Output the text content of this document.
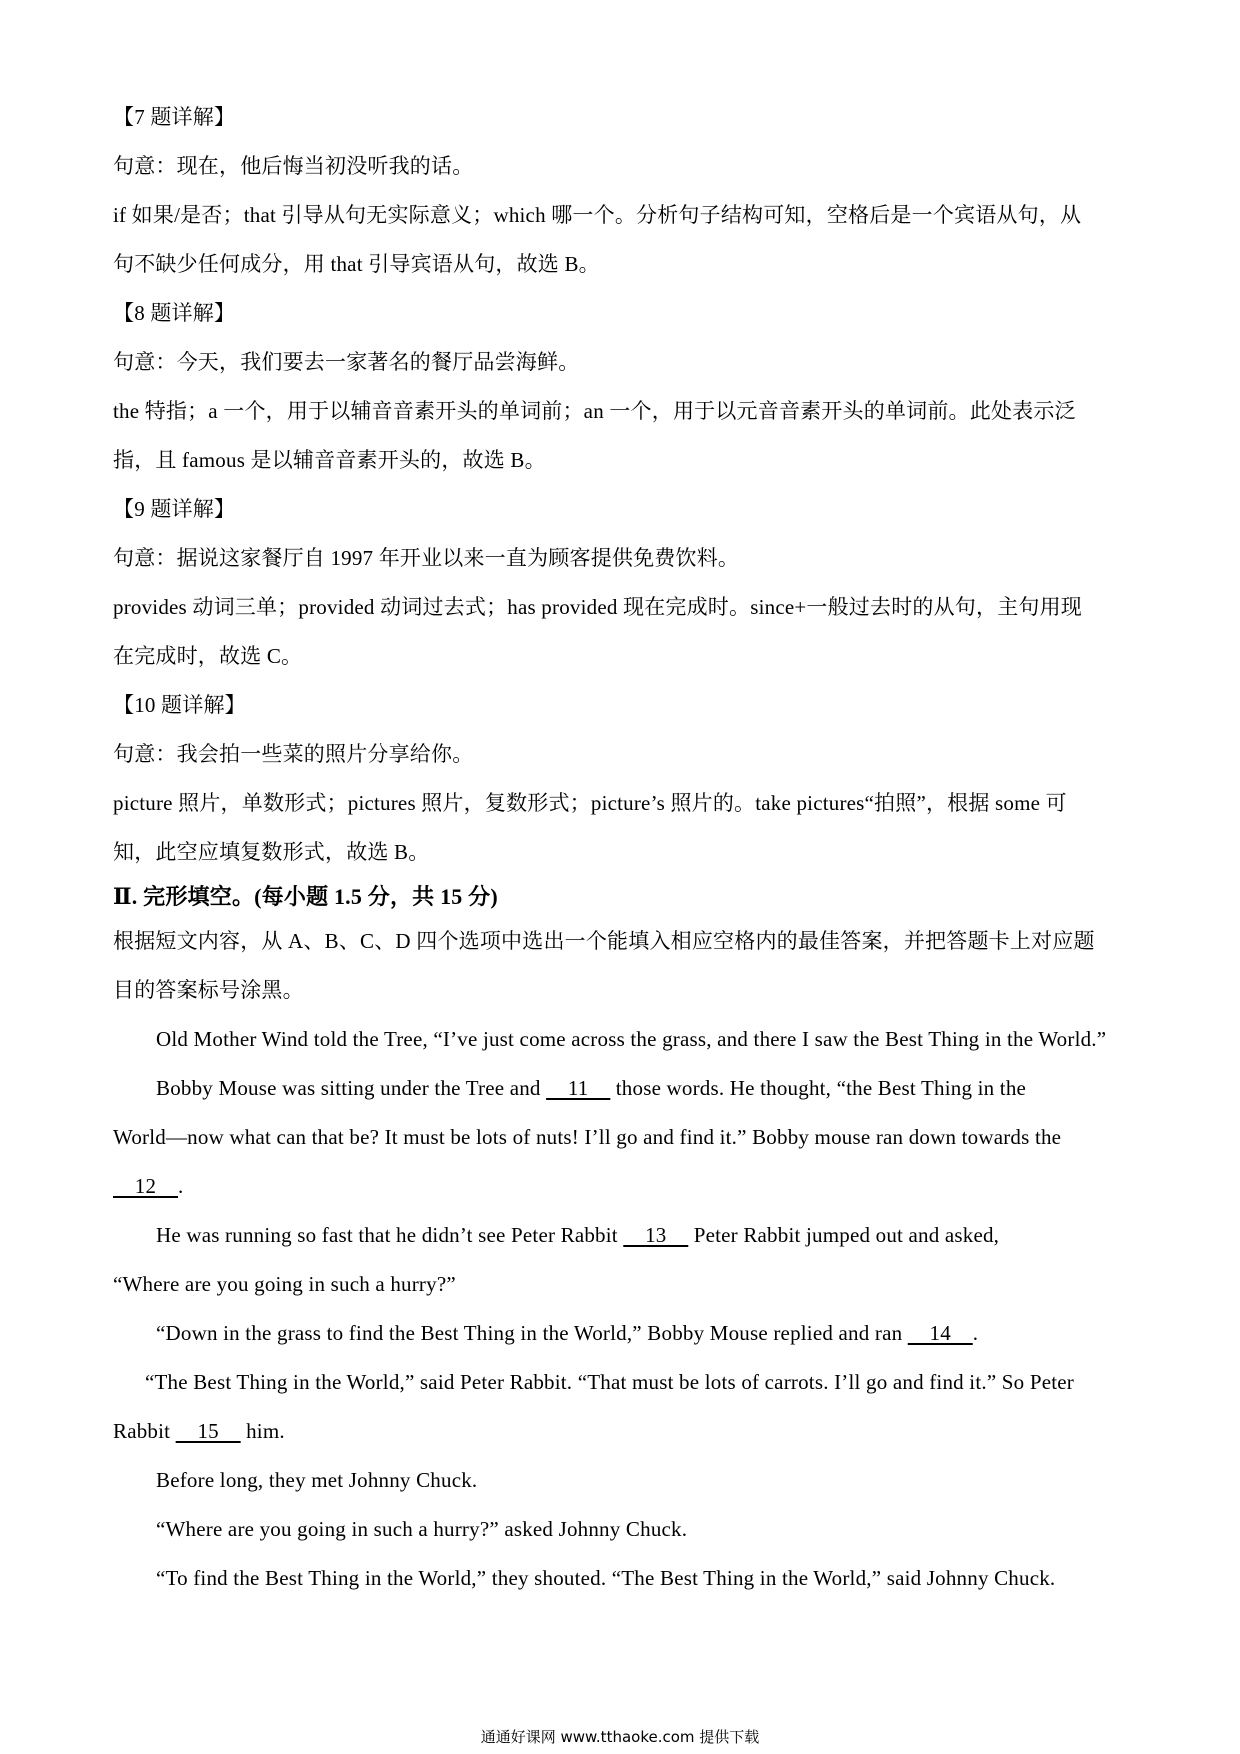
【7 题详解】
句意：现在，他后悔当初没听我的话。
if 如果/是否；that 引导从句无实际意义；which 哪一个。分析句子结构可知，空格后是一个宾语从句，从
句不缺少任何成分，用 that 引导宾语从句，故选 B。
【8 题详解】
句意：今天，我们要去一家著名的餐厅品尝海鲜。
the 特指；a 一个，用于以辅音音素开头的单词前；an 一个，用于以元音音素开头的单词前。此处表示泛
指，且 famous 是以辅音音素开头的，故选 B。
【9 题详解】
句意：据说这家餐厅自 1997 年开业以来一直为顾客提供免费饮料。
provides 动词三单；provided 动词过去式；has provided 现在完成时。since+一般过去时的从句，主句用现
在完成时，故选 C。
【10 题详解】
句意：我会拍一些菜的照片分享给你。
picture 照片，单数形式；pictures 照片，复数形式；picture’s 照片的。take pictures“拍照”，根据 some 可
知，此空应填复数形式，故选 B。
Ⅱ. 完形填空。(每小题 1.5 分，共 15 分)
根据短文内容，从 A、B、C、D 四个选项中选出一个能填入相应空格内的最佳答案，并把答题卡上对应题
目的答案标号涂黑。
Old Mother Wind told the Tree, “I’ve just come across the grass, and there I saw the Best Thing in the World.”
Bobby Mouse was sitting under the Tree and     11     those words. He thought, “the Best Thing in the
World—now what can that be? It must be lots of nuts! I’ll go and find it.” Bobby mouse ran down towards the
12    .
He was running so fast that he didn’t see Peter Rabbit     13     Peter Rabbit jumped out and asked,
“Where are you going in such a hurry?”
“Down in the grass to find the Best Thing in the World,” Bobby Mouse replied and ran     14    .
“The Best Thing in the World,” said Peter Rabbit. “That must be lots of carrots. I’ll go and find it.” So Peter
Rabbit     15     him.
Before long, they met Johnny Chuck.
“Where are you going in such a hurry?” asked Johnny Chuck.
“To find the Best Thing in the World,” they shouted. “The Best Thing in the World,” said Johnny Chuck.
通通好课网 www.tthaoke.com 提供下载
